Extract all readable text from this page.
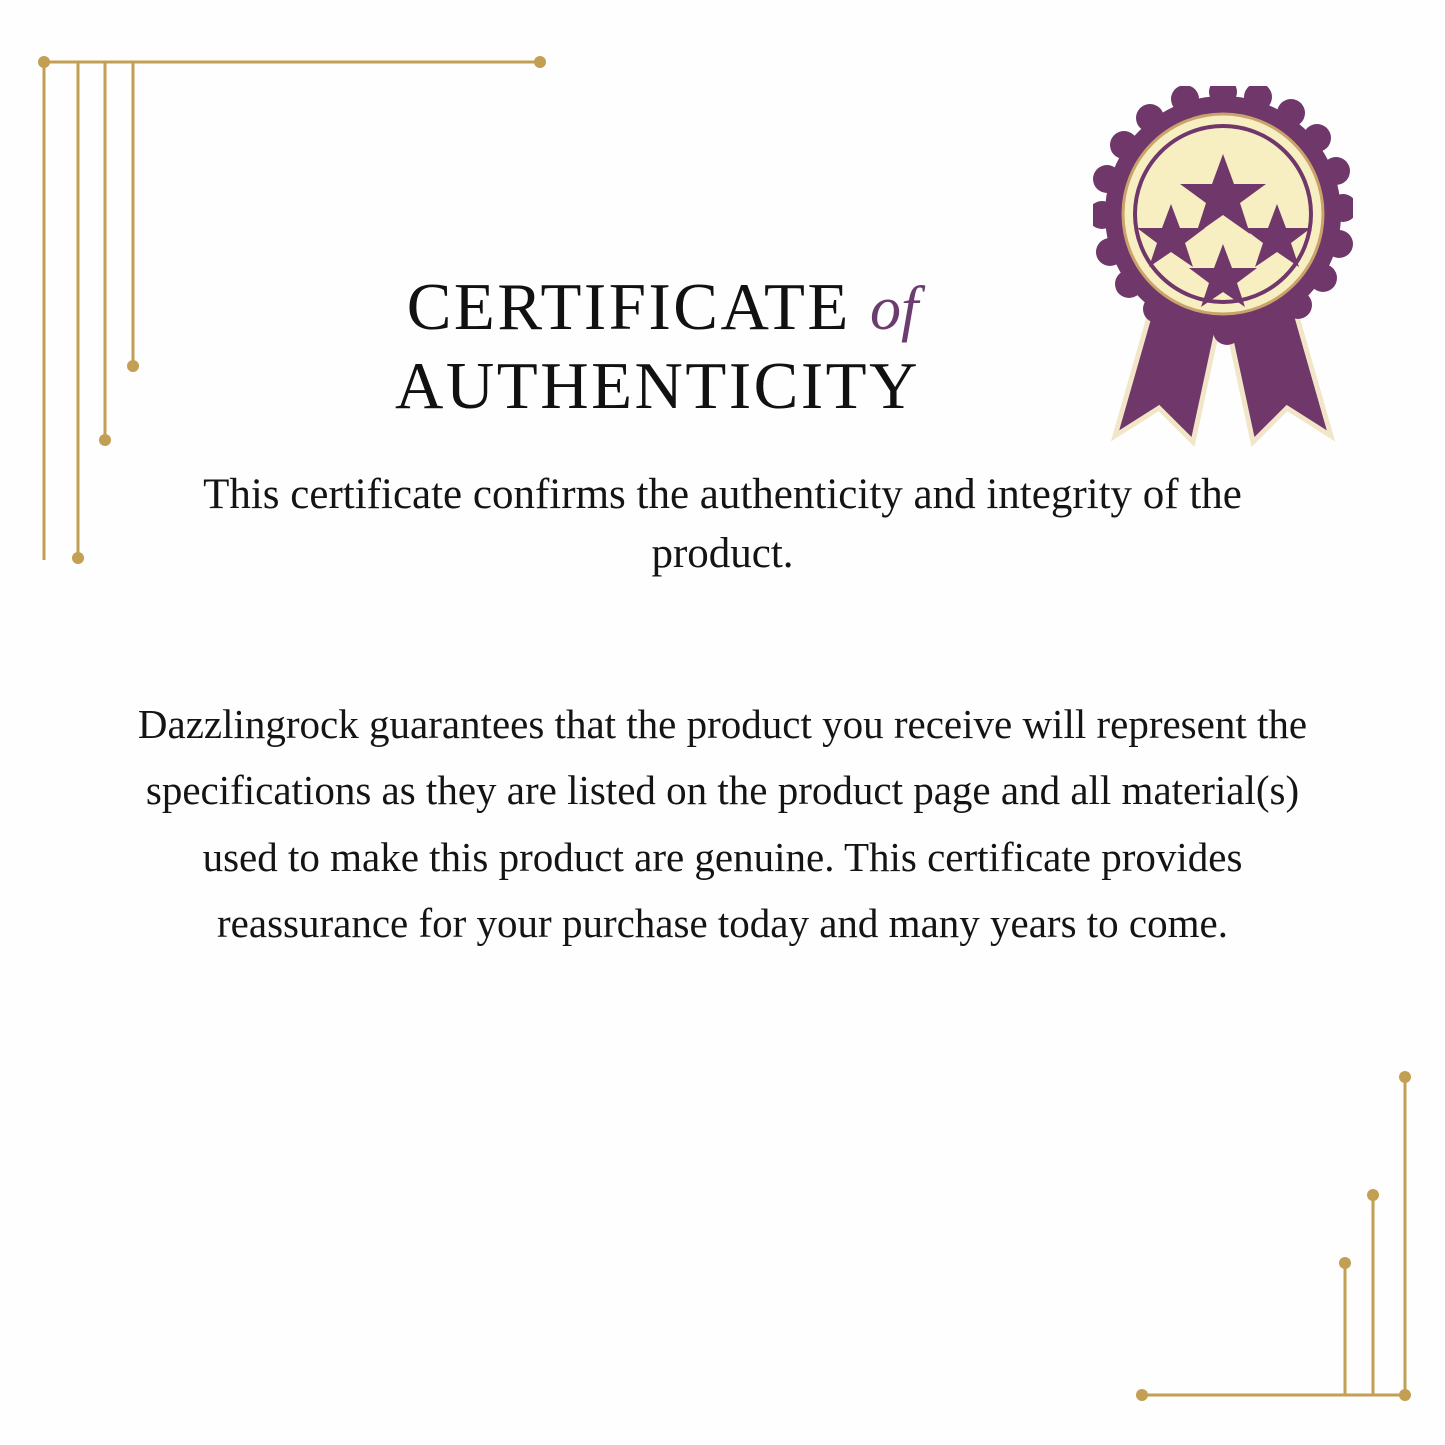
CERTIFICATE of
AUTHENTICITY
This certificate confirms the authenticity and integrity of the product.

Dazzlingrock guarantees that the product you receive will represent the specifications as they are listed on the product page and all material(s) used to make this product are genuine. This certificate provides reassurance for your purchase today and many years to come.
